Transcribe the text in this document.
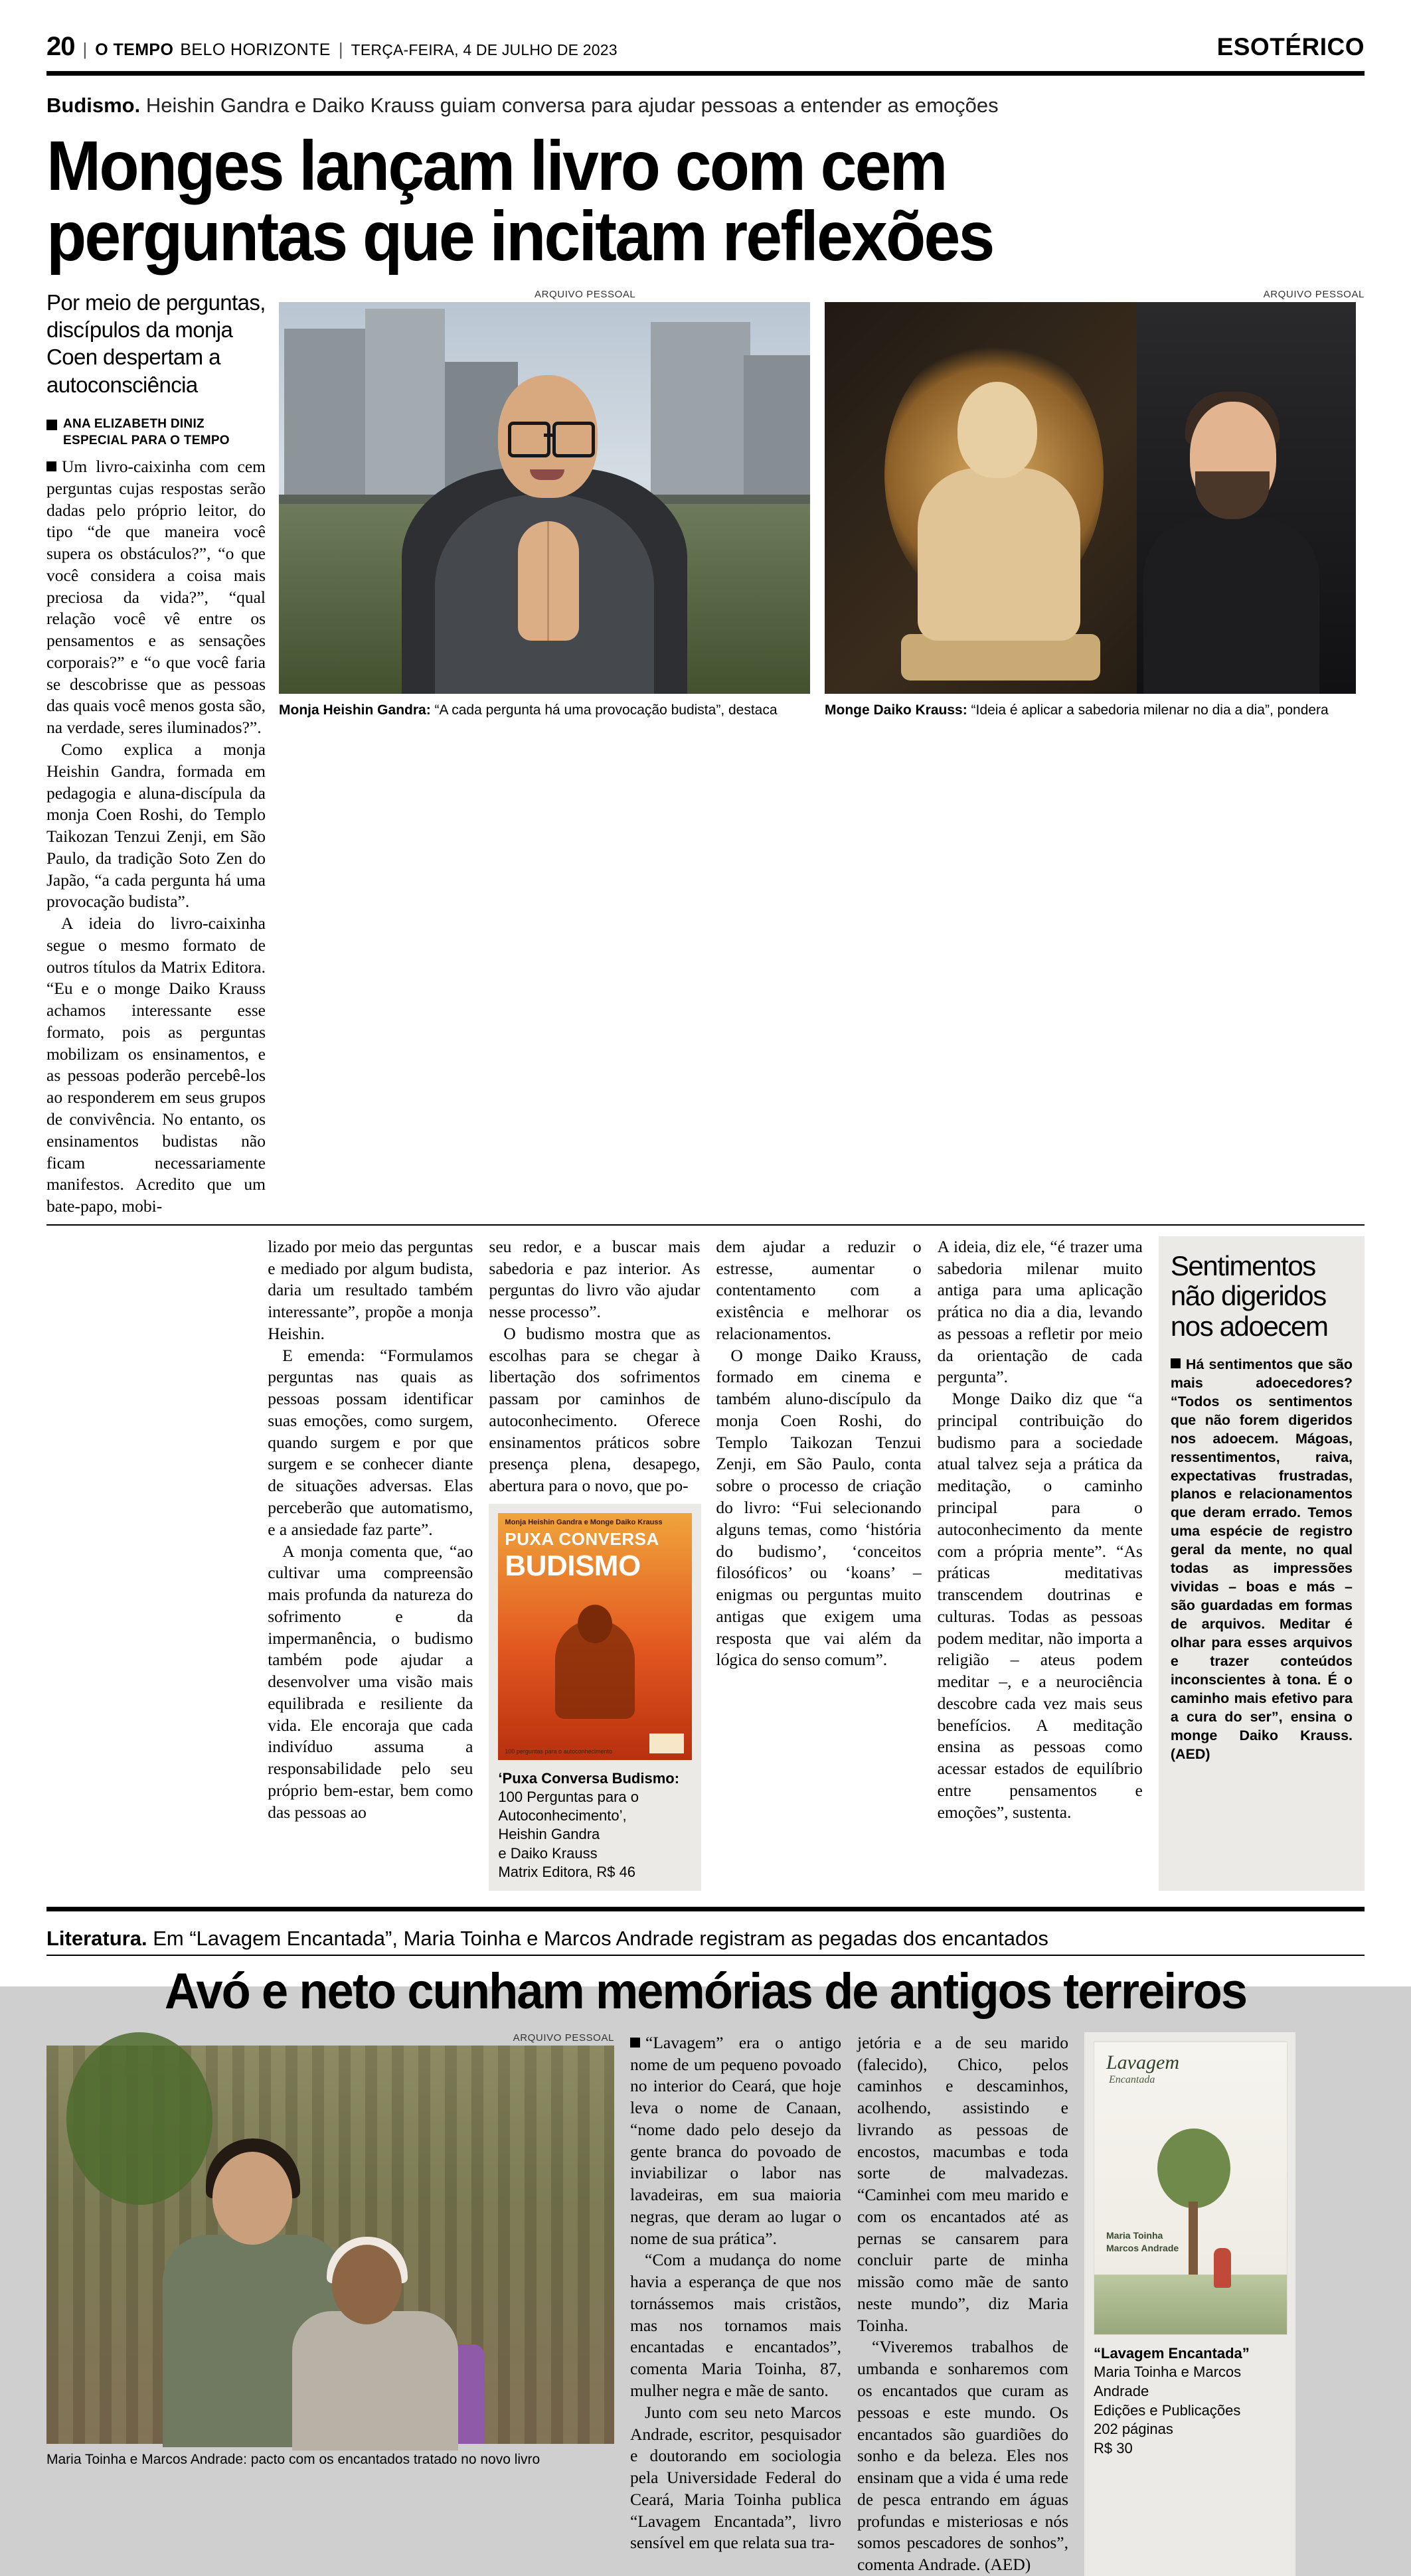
20 | O TEMPO BELO HORIZONTE | TERÇA-FEIRA, 4 DE JULHO DE 2023	ESOTÉRICO
Budismo. Heishin Gandra e Daiko Krauss guiam conversa para ajudar pessoas a entender as emoções
Monges lançam livro com cem
perguntas que incitam reflexões
Por meio de perguntas, discípulos da monja Coen despertam a autoconsciência
ANA ELIZABETH DINIZ
ESPECIAL PARA O TEMPO

Um livro-caixinha com cem perguntas cujas respostas serão dadas pelo próprio leitor, do tipo “de que maneira você supera os obstáculos?”, “o que você considera a coisa mais preciosa da vida?”, “qual relação você vê entre os pensamentos e as sensações corporais?” e “o que você faria se descobrisse que as pessoas das quais você menos gosta são, na verdade, seres iluminados?”.

Como explica a monja Heishin Gandra, formada em pedagogia e aluna-discípula da monja Coen Roshi, do Templo Taikozan Tenzui Zenji, em São Paulo, da tradição Soto Zen do Japão, “a cada pergunta há uma provocação budista”.

A ideia do livro-caixinha segue o mesmo formato de outros títulos da Matrix Editora. “Eu e o monge Daiko Krauss achamos interessante esse formato, pois as perguntas mobilizam os ensinamentos, e as pessoas poderão percebê-los ao responderem em seus grupos de convivência. No entanto, os ensinamentos budistas não ficam necessariamente manifestos. Acredito que um bate-papo, mobi-

ARQUIVO PESSOAL	ARQUIVO PESSOAL
Monja Heishin Gandra: “A cada pergunta há uma provocação budista”, destaca	Monge Daiko Krauss: “Ideia é aplicar a sabedoria milenar no dia a dia”, pondera

lizado por meio das perguntas e mediado por algum budista, daria um resultado também interessante”, propõe a monja Heishin.

E emenda: “Formulamos perguntas nas quais as pessoas possam identificar suas emoções, como surgem, quando surgem e por que surgem e se conhecer diante de situações adversas. Elas perceberão que automatismo, e a ansiedade faz parte”.

A monja comenta que, “ao cultivar uma compreensão mais profunda da natureza do sofrimento e da impermanência, o budismo também pode ajudar a desenvolver uma visão mais equilibrada e resiliente da vida. Ele encoraja que cada indivíduo assuma a responsabilidade pelo seu próprio bem-estar, bem como das pessoas ao

seu redor, e a buscar mais sabedoria e paz interior. As perguntas do livro vão ajudar nesse processo”.

O budismo mostra que as escolhas para se chegar à libertação dos sofrimentos passam por caminhos de autoconhecimento. Oferece ensinamentos práticos sobre presença plena, desapego, abertura para o novo, que po-

Monja Heishin Gandra e Monge Daiko Krauss
PUXA CONVERSA
BUDISMO
100 perguntas para o autoconhecimento
‘Puxa Conversa Budismo:
100 Perguntas para o
Autoconhecimento’,
Heishin Gandra
e Daiko Krauss
Matrix Editora, R$ 46

dem ajudar a reduzir o estresse, aumentar o contentamento com a existência e melhorar os relacionamentos.

O monge Daiko Krauss, formado em cinema e também aluno-discípulo da monja Coen Roshi, do Templo Taikozan Tenzui Zenji, em São Paulo, conta sobre o processo de criação do livro: “Fui selecionando alguns temas, como ‘história do budismo’, ‘conceitos filosóficos’ ou ‘koans’ – enigmas ou perguntas muito antigas que exigem uma resposta que vai além da lógica do senso comum”.

A ideia, diz ele, “é trazer uma sabedoria milenar muito antiga para uma aplicação prática no dia a dia, levando as pessoas a refletir por meio da orientação de cada pergunta”.

Monge Daiko diz que “a principal contribuição do budismo para a sociedade atual talvez seja a prática da meditação, o caminho principal para o autoconhecimento da mente com a própria mente”. “As práticas meditativas transcendem doutrinas e culturas. Todas as pessoas podem meditar, não importa a religião – ateus podem meditar –, e a neurociência descobre cada vez mais seus benefícios. A meditação ensina as pessoas como acessar estados de equilíbrio entre pensamentos e emoções”, sustenta.

Sentimentos
não digeridos
nos adoecem
Há sentimentos que são mais adoecedores? “Todos os sentimentos que não forem digeridos nos adoecem. Mágoas, ressentimentos, raiva, expectativas frustradas, planos e relacionamentos que deram errado. Temos uma espécie de registro geral da mente, no qual todas as impressões vividas – boas e más – são guardadas em formas de arquivos. Meditar é olhar para esses arquivos e trazer conteúdos inconscientes à tona. É o caminho mais efetivo para a cura do ser”, ensina o monge Daiko Krauss. (AED)
Literatura. Em “Lavagem Encantada”, Maria Toinha e Marcos Andrade registram as pegadas dos encantados
Avó e neto cunham memórias de antigos terreiros
ARQUIVO PESSOAL
Maria Toinha e Marcos Andrade: pacto com os encantados tratado no novo livro

“Lavagem” era o antigo nome de um pequeno povoado no interior do Ceará, que hoje leva o nome de Canaan, “nome dado pelo desejo da gente branca do povoado de inviabilizar o labor nas lavadeiras, em sua maioria negras, que deram ao lugar o nome de sua prática”.

“Com a mudança do nome havia a esperança de que nos tornássemos mais cristãos, mas nos tornamos mais encantadas e encantados”, comenta Maria Toinha, 87, mulher negra e mãe de santo.

Junto com seu neto Marcos Andrade, escritor, pesquisador e doutorando em sociologia pela Universidade Federal do Ceará, Maria Toinha publica “Lavagem Encantada”, livro sensível em que relata sua tra-

jetória e a de seu marido (falecido), Chico, pelos caminhos e descaminhos, acolhendo, assistindo e livrando as pessoas de encostos, macumbas e toda sorte de malvadezas. “Caminhei com meu marido e com os encantados até as pernas se cansarem para concluir parte de minha missão como mãe de santo neste mundo”, diz Maria Toinha.

“Viveremos trabalhos de umbanda e sonharemos com os encantados que curam as pessoas e este mundo. Os encantados são guardiões do sonho e da beleza. Eles nos ensinam que a vida é uma rede de pesca entrando em águas profundas e misteriosas e nós somos pescadores de sonhos”, comenta Andrade. (AED)

Lavagem
Encantada
Maria Toinha
Marcos Andrade
“Lavagem Encantada”
Maria Toinha e Marcos
Andrade
Edições e Publicações
202 páginas
R$ 30
